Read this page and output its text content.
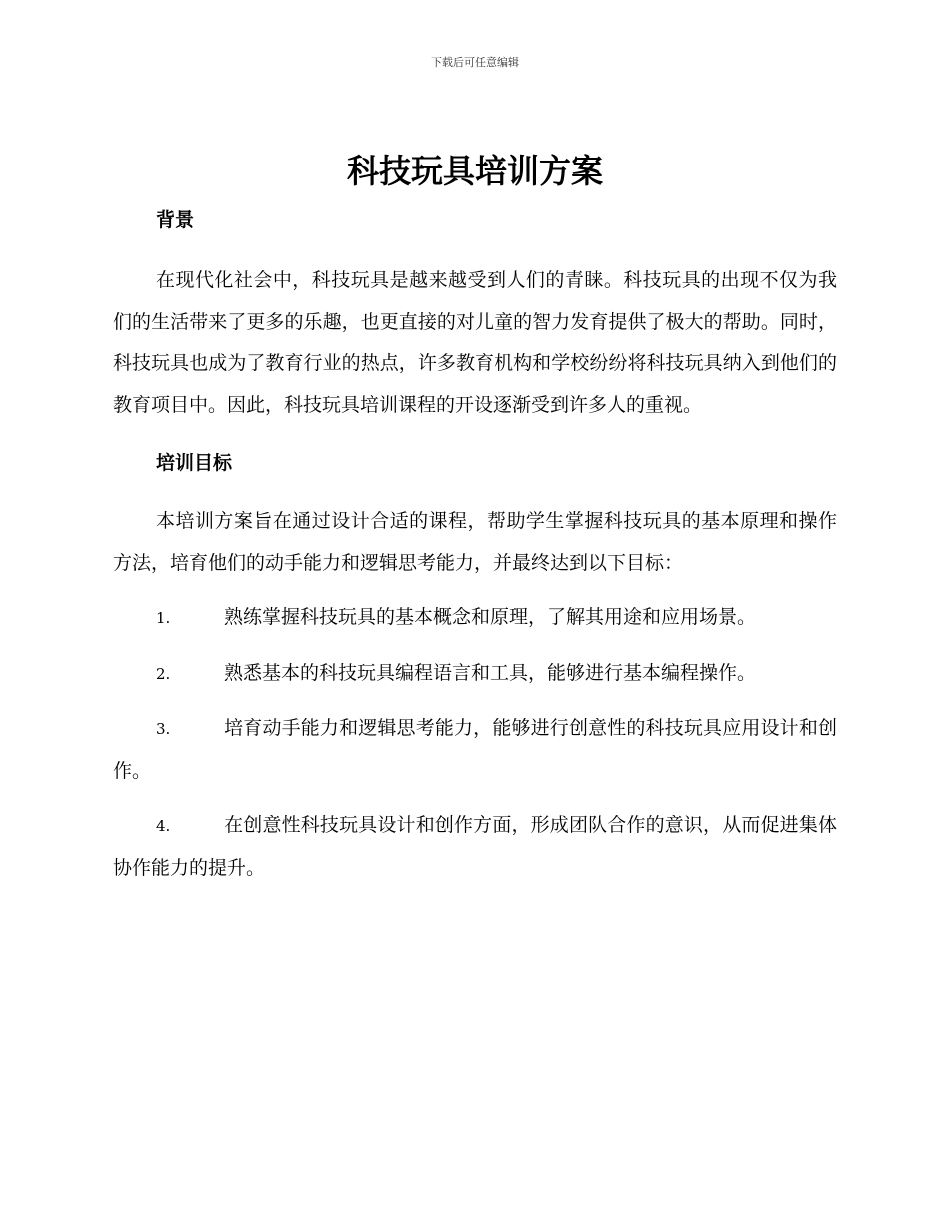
下载后可任意编辑
科技玩具培训方案
背景

在现代化社会中，科技玩具是越来越受到人们的青睐。科技玩具的出现不仅为我们的生活带来了更多的乐趣，也更直接的对儿童的智力发育提供了极大的帮助。同时，科技玩具也成为了教育行业的热点，许多教育机构和学校纷纷将科技玩具纳入到他们的教育项目中。因此，科技玩具培训课程的开设逐渐受到许多人的重视。

培训目标

本培训方案旨在通过设计合适的课程，帮助学生掌握科技玩具的基本原理和操作方法，培育他们的动手能力和逻辑思考能力，并最终达到以下目标：

1.	熟练掌握科技玩具的基本概念和原理，了解其用途和应用场景。

2.	熟悉基本的科技玩具编程语言和工具，能够进行基本编程操作。

3.	培育动手能力和逻辑思考能力，能够进行创意性的科技玩具应用设计和创作。

4.	在创意性科技玩具设计和创作方面，形成团队合作的意识，从而促进集体协作能力的提升。
